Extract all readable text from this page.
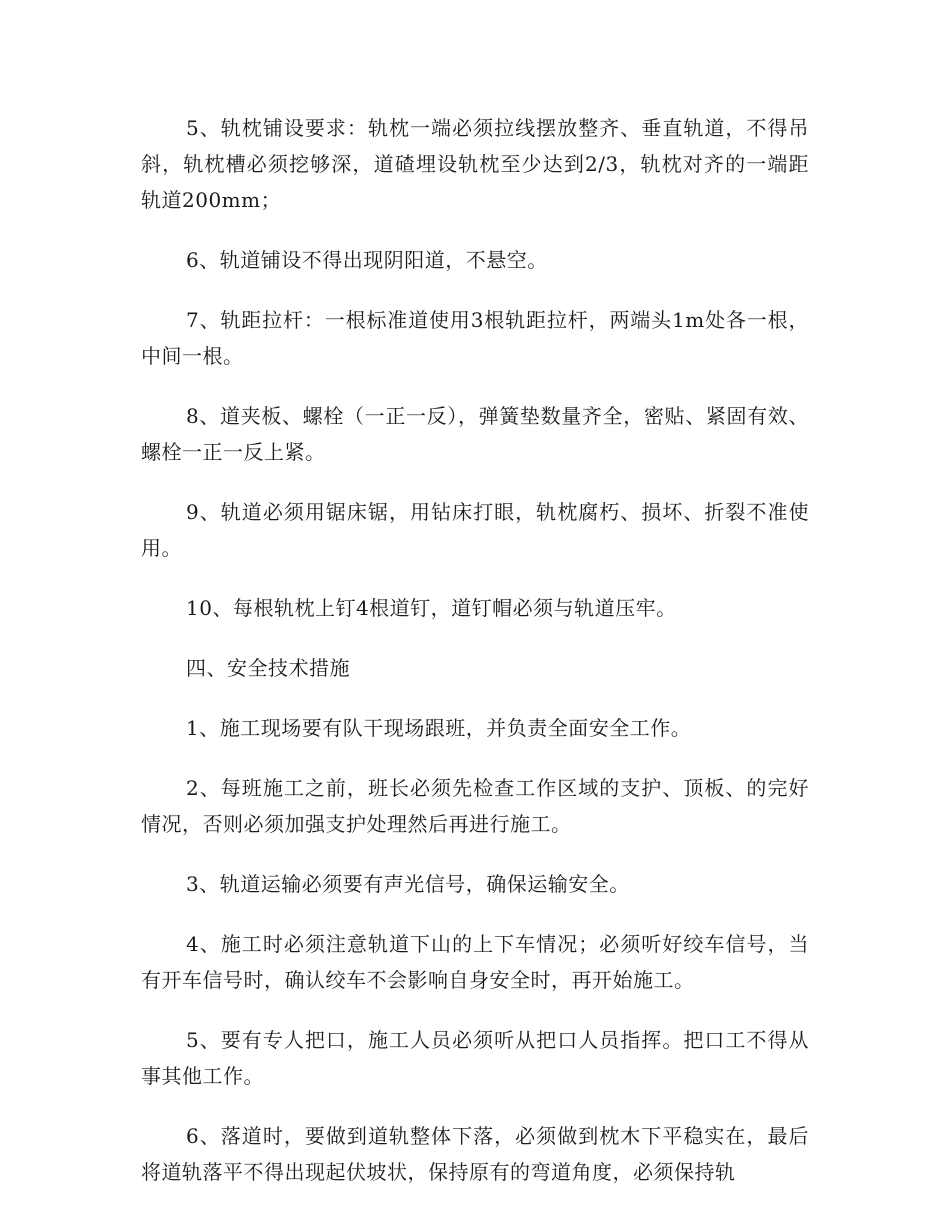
5、轨枕铺设要求：轨枕一端必须拉线摆放整齐、垂直轨道，不得吊斜，轨枕槽必须挖够深，道碴埋设轨枕至少达到2/3，轨枕对齐的一端距轨道200mm；

6、轨道铺设不得出现阴阳道，不悬空。

7、轨距拉杆：一根标准道使用3根轨距拉杆，两端头1m处各一根，中间一根。

8、道夹板、螺栓（一正一反），弹簧垫数量齐全，密贴、紧固有效、螺栓一正一反上紧。

9、轨道必须用锯床锯，用钻床打眼，轨枕腐朽、损坏、折裂不准使用。

10、每根轨枕上钉4根道钉，道钉帽必须与轨道压牢。

四、安全技术措施

1、施工现场要有队干现场跟班，并负责全面安全工作。

2、每班施工之前，班长必须先检查工作区域的支护、顶板、的完好情况，否则必须加强支护处理然后再进行施工。

3、轨道运输必须要有声光信号，确保运输安全。

4、施工时必须注意轨道下山的上下车情况；必须听好绞车信号，当有开车信号时，确认绞车不会影响自身安全时，再开始施工。

5、要有专人把口，施工人员必须听从把口人员指挥。把口工不得从事其他工作。

6、落道时，要做到道轨整体下落，必须做到枕木下平稳实在，最后将道轨落平不得出现起伏坡状，保持原有的弯道角度，必须保持轨
